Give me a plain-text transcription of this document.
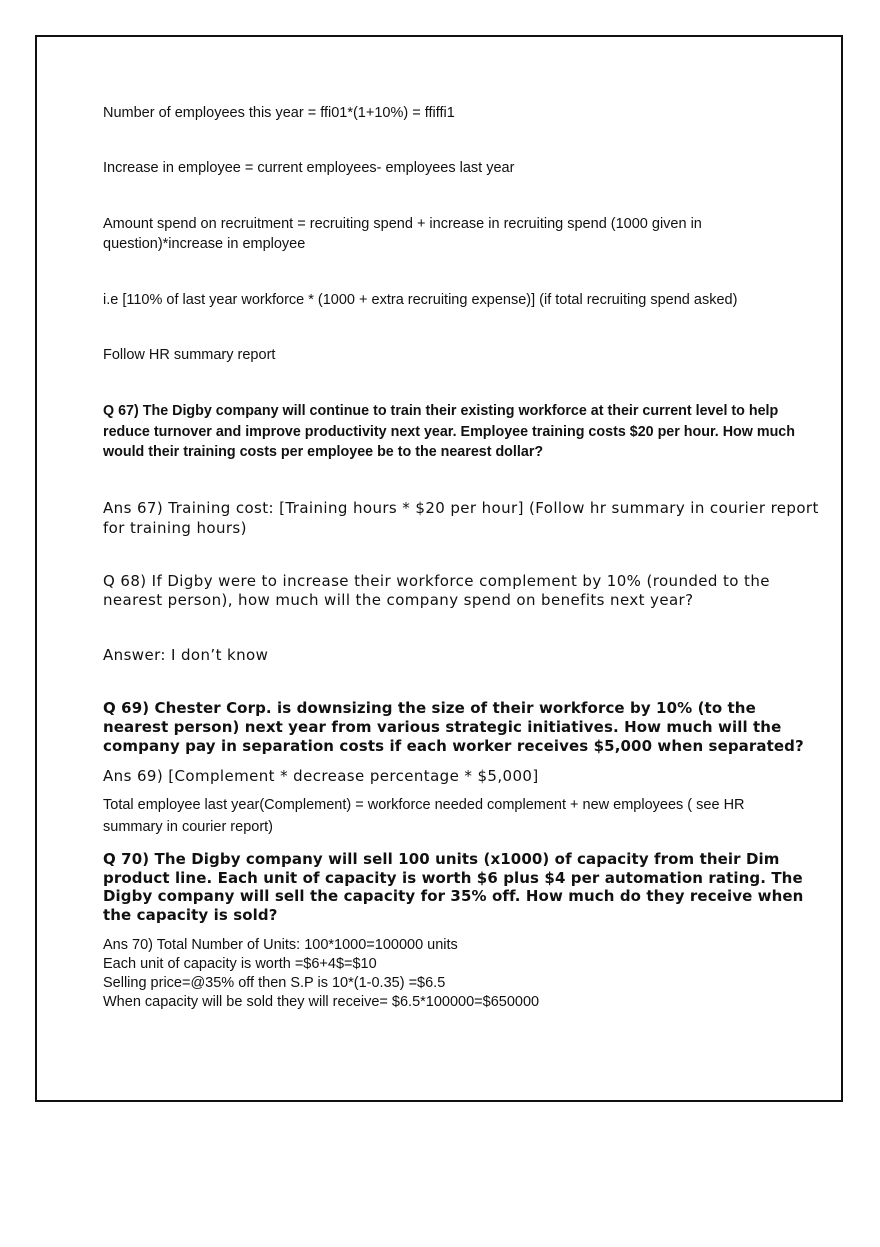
Number of employees this year = ffi01*(1+10%) = ffiffi1
Increase in employee = current employees- employees last year
Amount spend on recruitment = recruiting spend + increase in recruiting spend (1000 given in
question)*increase in employee
i.e [110% of last year workforce * (1000 + extra recruiting expense)] (if total recruiting spend asked)
Follow HR summary report
Q 67) The Digby company will continue to train their existing workforce at their current level to help
reduce turnover and improve productivity next year. Employee training costs $20 per hour. How much
would their training costs per employee be to the nearest dollar?
Ans 67) Training cost: [Training hours * $20 per hour] (Follow hr summary in courier report
for training hours)
Q 68) If Digby were to increase their workforce complement by 10% (rounded to the
nearest person), how much will the company spend on benefits next year?
Answer: I don’t know
Q 69) Chester Corp. is downsizing the size of their workforce by 10% (to the
nearest person) next year from various strategic initiatives. How much will the
company pay in separation costs if each worker receives $5,000 when separated?
Ans 69) [Complement * decrease percentage * $5,000]
Total employee last year(Complement) = workforce needed complement + new employees ( see HR
summary in courier report)
Q 70) The Digby company will sell 100 units (x1000) of capacity from their Dim
product line. Each unit of capacity is worth $6 plus $4 per automation rating. The
Digby company will sell the capacity for 35% off. How much do they receive when
the capacity is sold?
Ans 70) Total Number of Units: 100*1000=100000 units
Each unit of capacity is worth =$6+4$=$10
Selling price=@35% off then S.P is 10*(1-0.35) =$6.5
When capacity will be sold they will receive= $6.5*100000=$650000
